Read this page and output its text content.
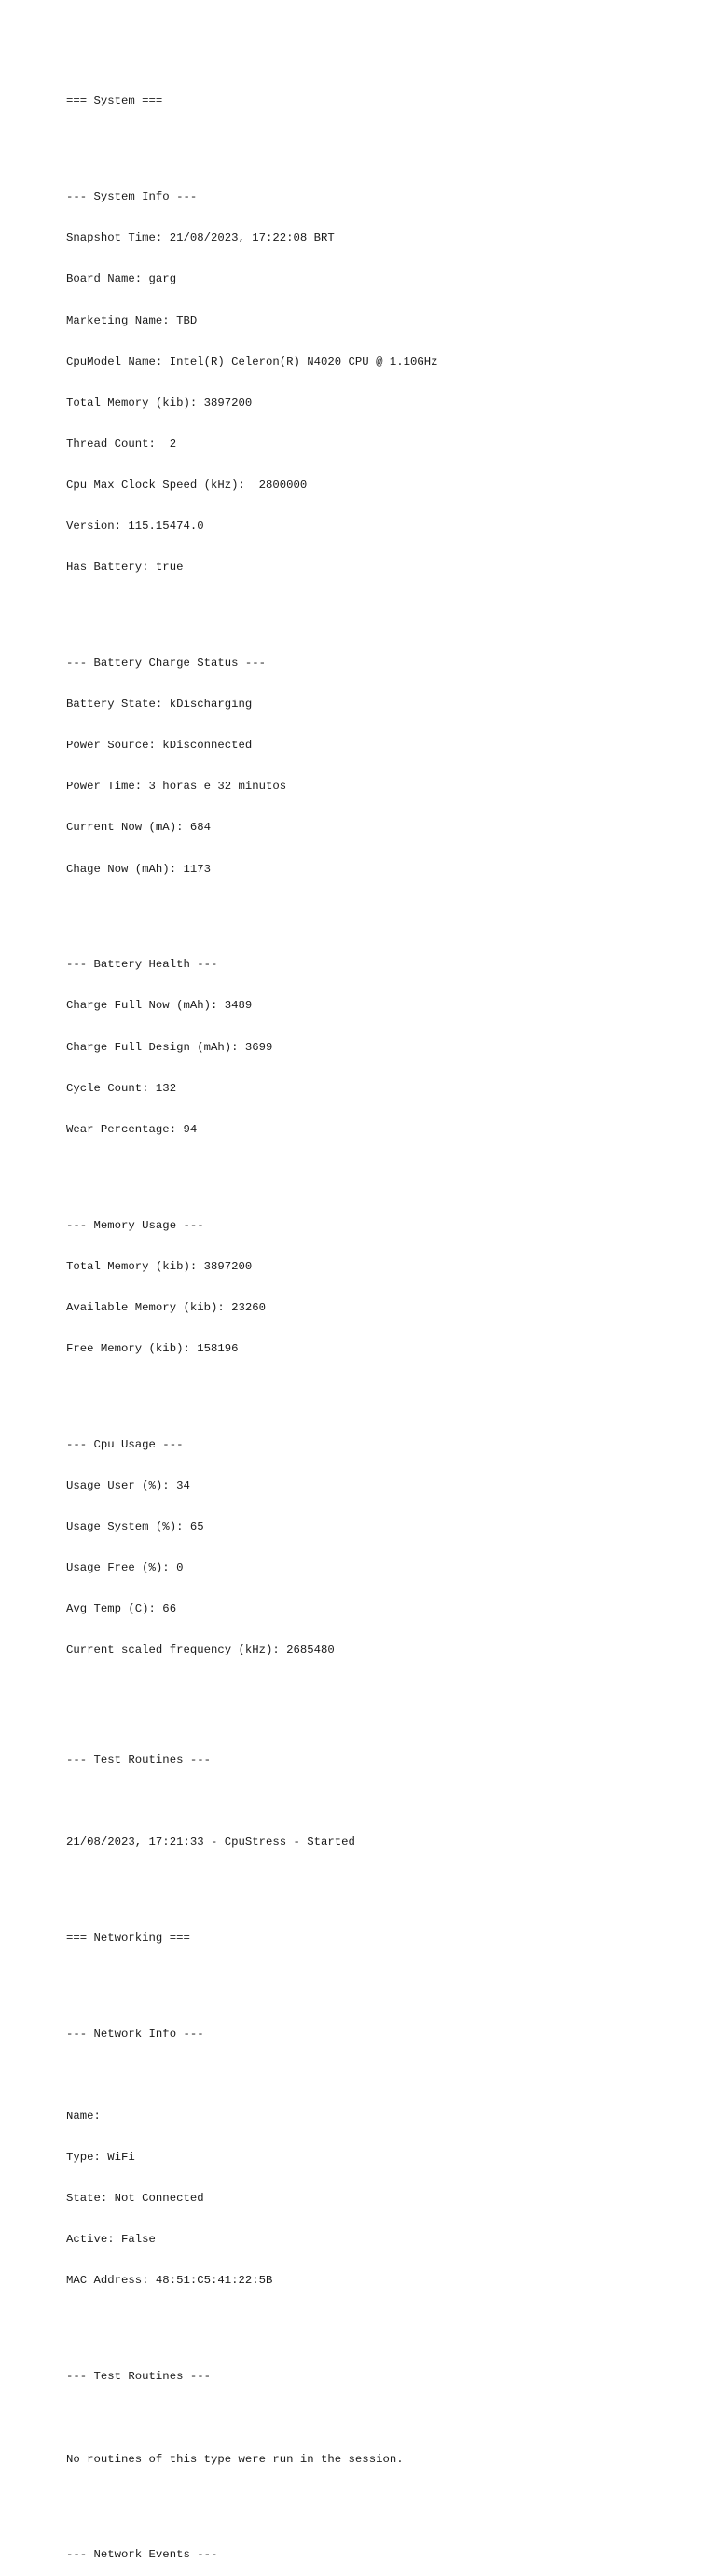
=== System ===

--- System Info ---

Snapshot Time: 21/08/2023, 17:22:08 BRT

Board Name: garg

Marketing Name: TBD

CpuModel Name: Intel(R) Celeron(R) N4020 CPU @ 1.10GHz

Total Memory (kib): 3897200

Thread Count:  2

Cpu Max Clock Speed (kHz):  2800000

Version: 115.15474.0

Has Battery: true

--- Battery Charge Status ---

Battery State: kDischarging

Power Source: kDisconnected

Power Time: 3 horas e 32 minutos

Current Now (mA): 684

Chage Now (mAh): 1173

--- Battery Health ---

Charge Full Now (mAh): 3489

Charge Full Design (mAh): 3699

Cycle Count: 132

Wear Percentage: 94

--- Memory Usage ---

Total Memory (kib): 3897200

Available Memory (kib): 23260

Free Memory (kib): 158196

--- Cpu Usage ---

Usage User (%): 34

Usage System (%): 65

Usage Free (%): 0

Avg Temp (C): 66

Current scaled frequency (kHz): 2685480

--- Test Routines ---

21/08/2023, 17:21:33 - CpuStress - Started

=== Networking ===

--- Network Info ---

Name:

Type: WiFi

State: Not Connected

Active: False

MAC Address: 48:51:C5:41:22:5B

--- Test Routines ---

No routines of this type were run in the session.

--- Network Events ---
